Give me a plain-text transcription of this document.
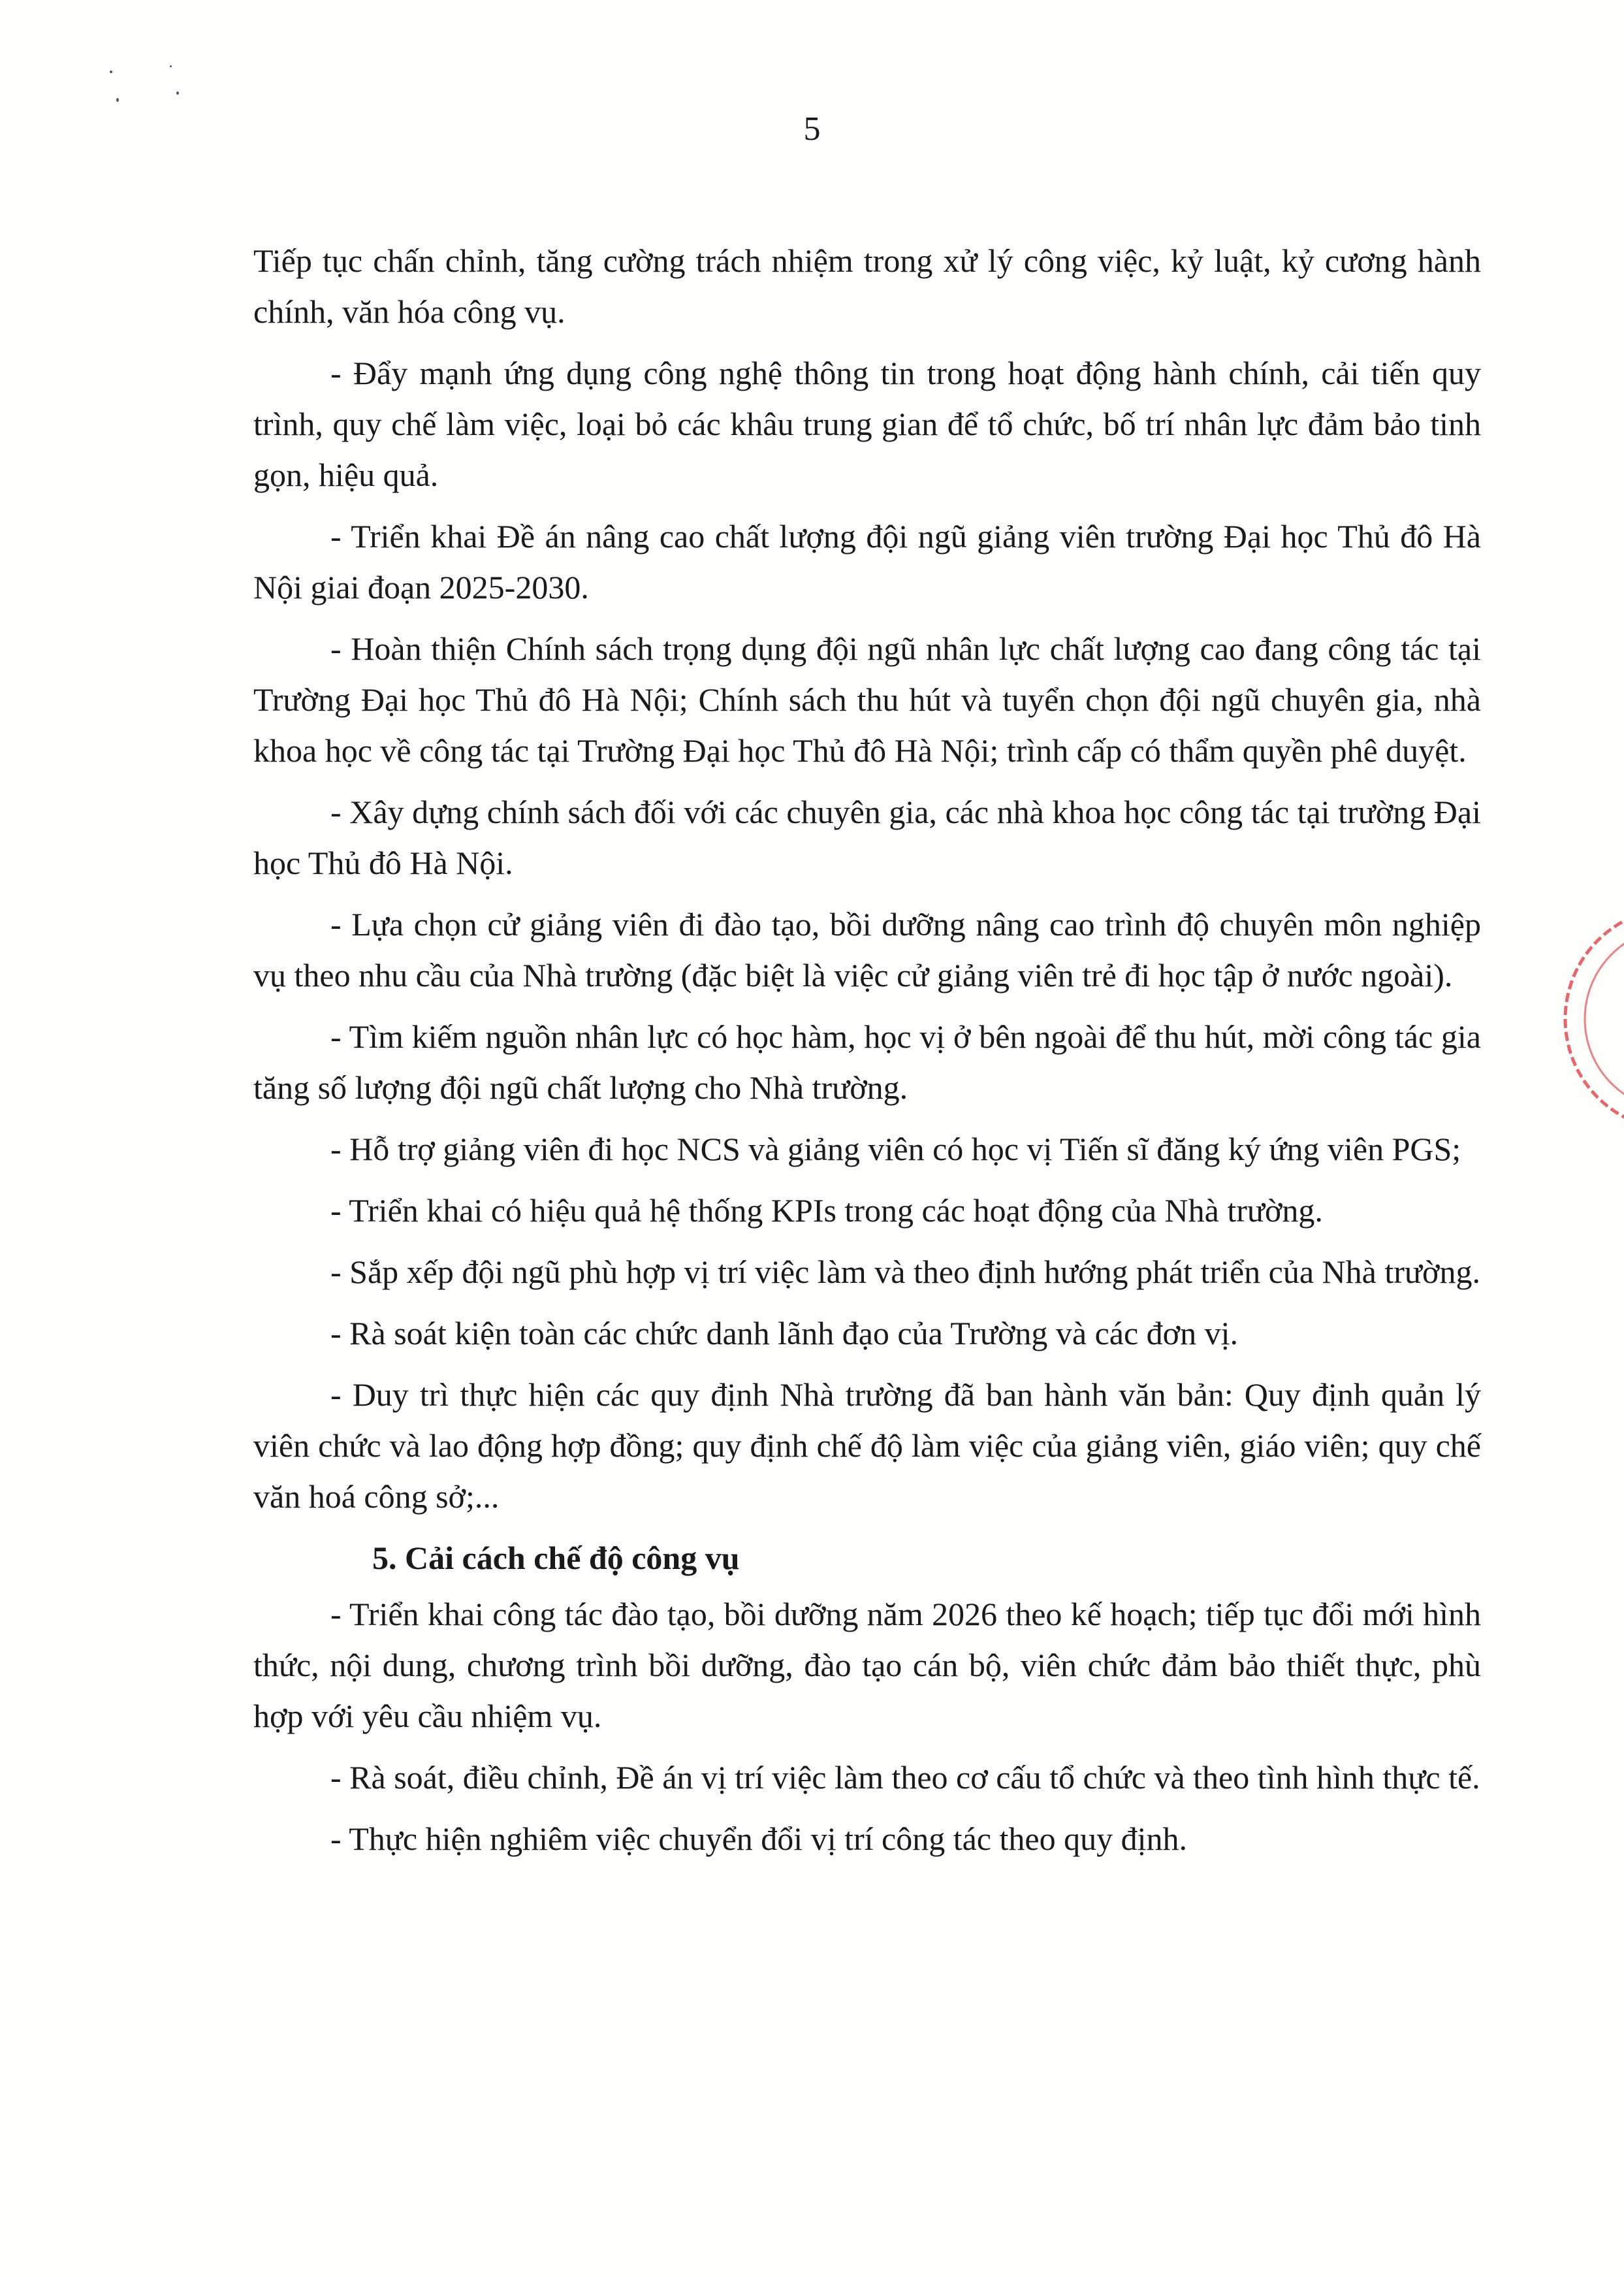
5

Tiếp tục chấn chỉnh, tăng cường trách nhiệm trong xử lý công việc, kỷ luật, kỷ cương hành chính, văn hóa công vụ.

- Đẩy mạnh ứng dụng công nghệ thông tin trong hoạt động hành chính, cải tiến quy trình, quy chế làm việc, loại bỏ các khâu trung gian để tổ chức, bố trí nhân lực đảm bảo tinh gọn, hiệu quả.

- Triển khai Đề án nâng cao chất lượng đội ngũ giảng viên trường Đại học Thủ đô Hà Nội giai đoạn 2025-2030.

- Hoàn thiện Chính sách trọng dụng đội ngũ nhân lực chất lượng cao đang công tác tại Trường Đại học Thủ đô Hà Nội; Chính sách thu hút và tuyển chọn đội ngũ chuyên gia, nhà khoa học về công tác tại Trường Đại học Thủ đô Hà Nội; trình cấp có thẩm quyền phê duyệt.

- Xây dựng chính sách đối với các chuyên gia, các nhà khoa học công tác tại trường Đại học Thủ đô Hà Nội.

- Lựa chọn cử giảng viên đi đào tạo, bồi dưỡng nâng cao trình độ chuyên môn nghiệp vụ theo nhu cầu của Nhà trường (đặc biệt là việc cử giảng viên trẻ đi học tập ở nước ngoài).

- Tìm kiếm nguồn nhân lực có học hàm, học vị ở bên ngoài để thu hút, mời công tác gia tăng số lượng đội ngũ chất lượng cho Nhà trường.

- Hỗ trợ giảng viên đi học NCS và giảng viên có học vị Tiến sĩ đăng ký ứng viên PGS;

- Triển khai có hiệu quả hệ thống KPIs trong các hoạt động của Nhà trường.

- Sắp xếp đội ngũ phù hợp vị trí việc làm và theo định hướng phát triển của Nhà trường.

- Rà soát kiện toàn các chức danh lãnh đạo của Trường và các đơn vị.

- Duy trì thực hiện các quy định Nhà trường đã ban hành văn bản: Quy định quản lý viên chức và lao động hợp đồng; quy định chế độ làm việc của giảng viên, giáo viên; quy chế văn hoá công sở;...

5. Cải cách chế độ công vụ

- Triển khai công tác đào tạo, bồi dưỡng năm 2026 theo kế hoạch; tiếp tục đổi mới hình thức, nội dung, chương trình bồi dưỡng, đào tạo cán bộ, viên chức đảm bảo thiết thực, phù hợp với yêu cầu nhiệm vụ.

- Rà soát, điều chỉnh, Đề án vị trí việc làm theo cơ cấu tổ chức và theo tình hình thực tế.

- Thực hiện nghiêm việc chuyển đổi vị trí công tác theo quy định.
